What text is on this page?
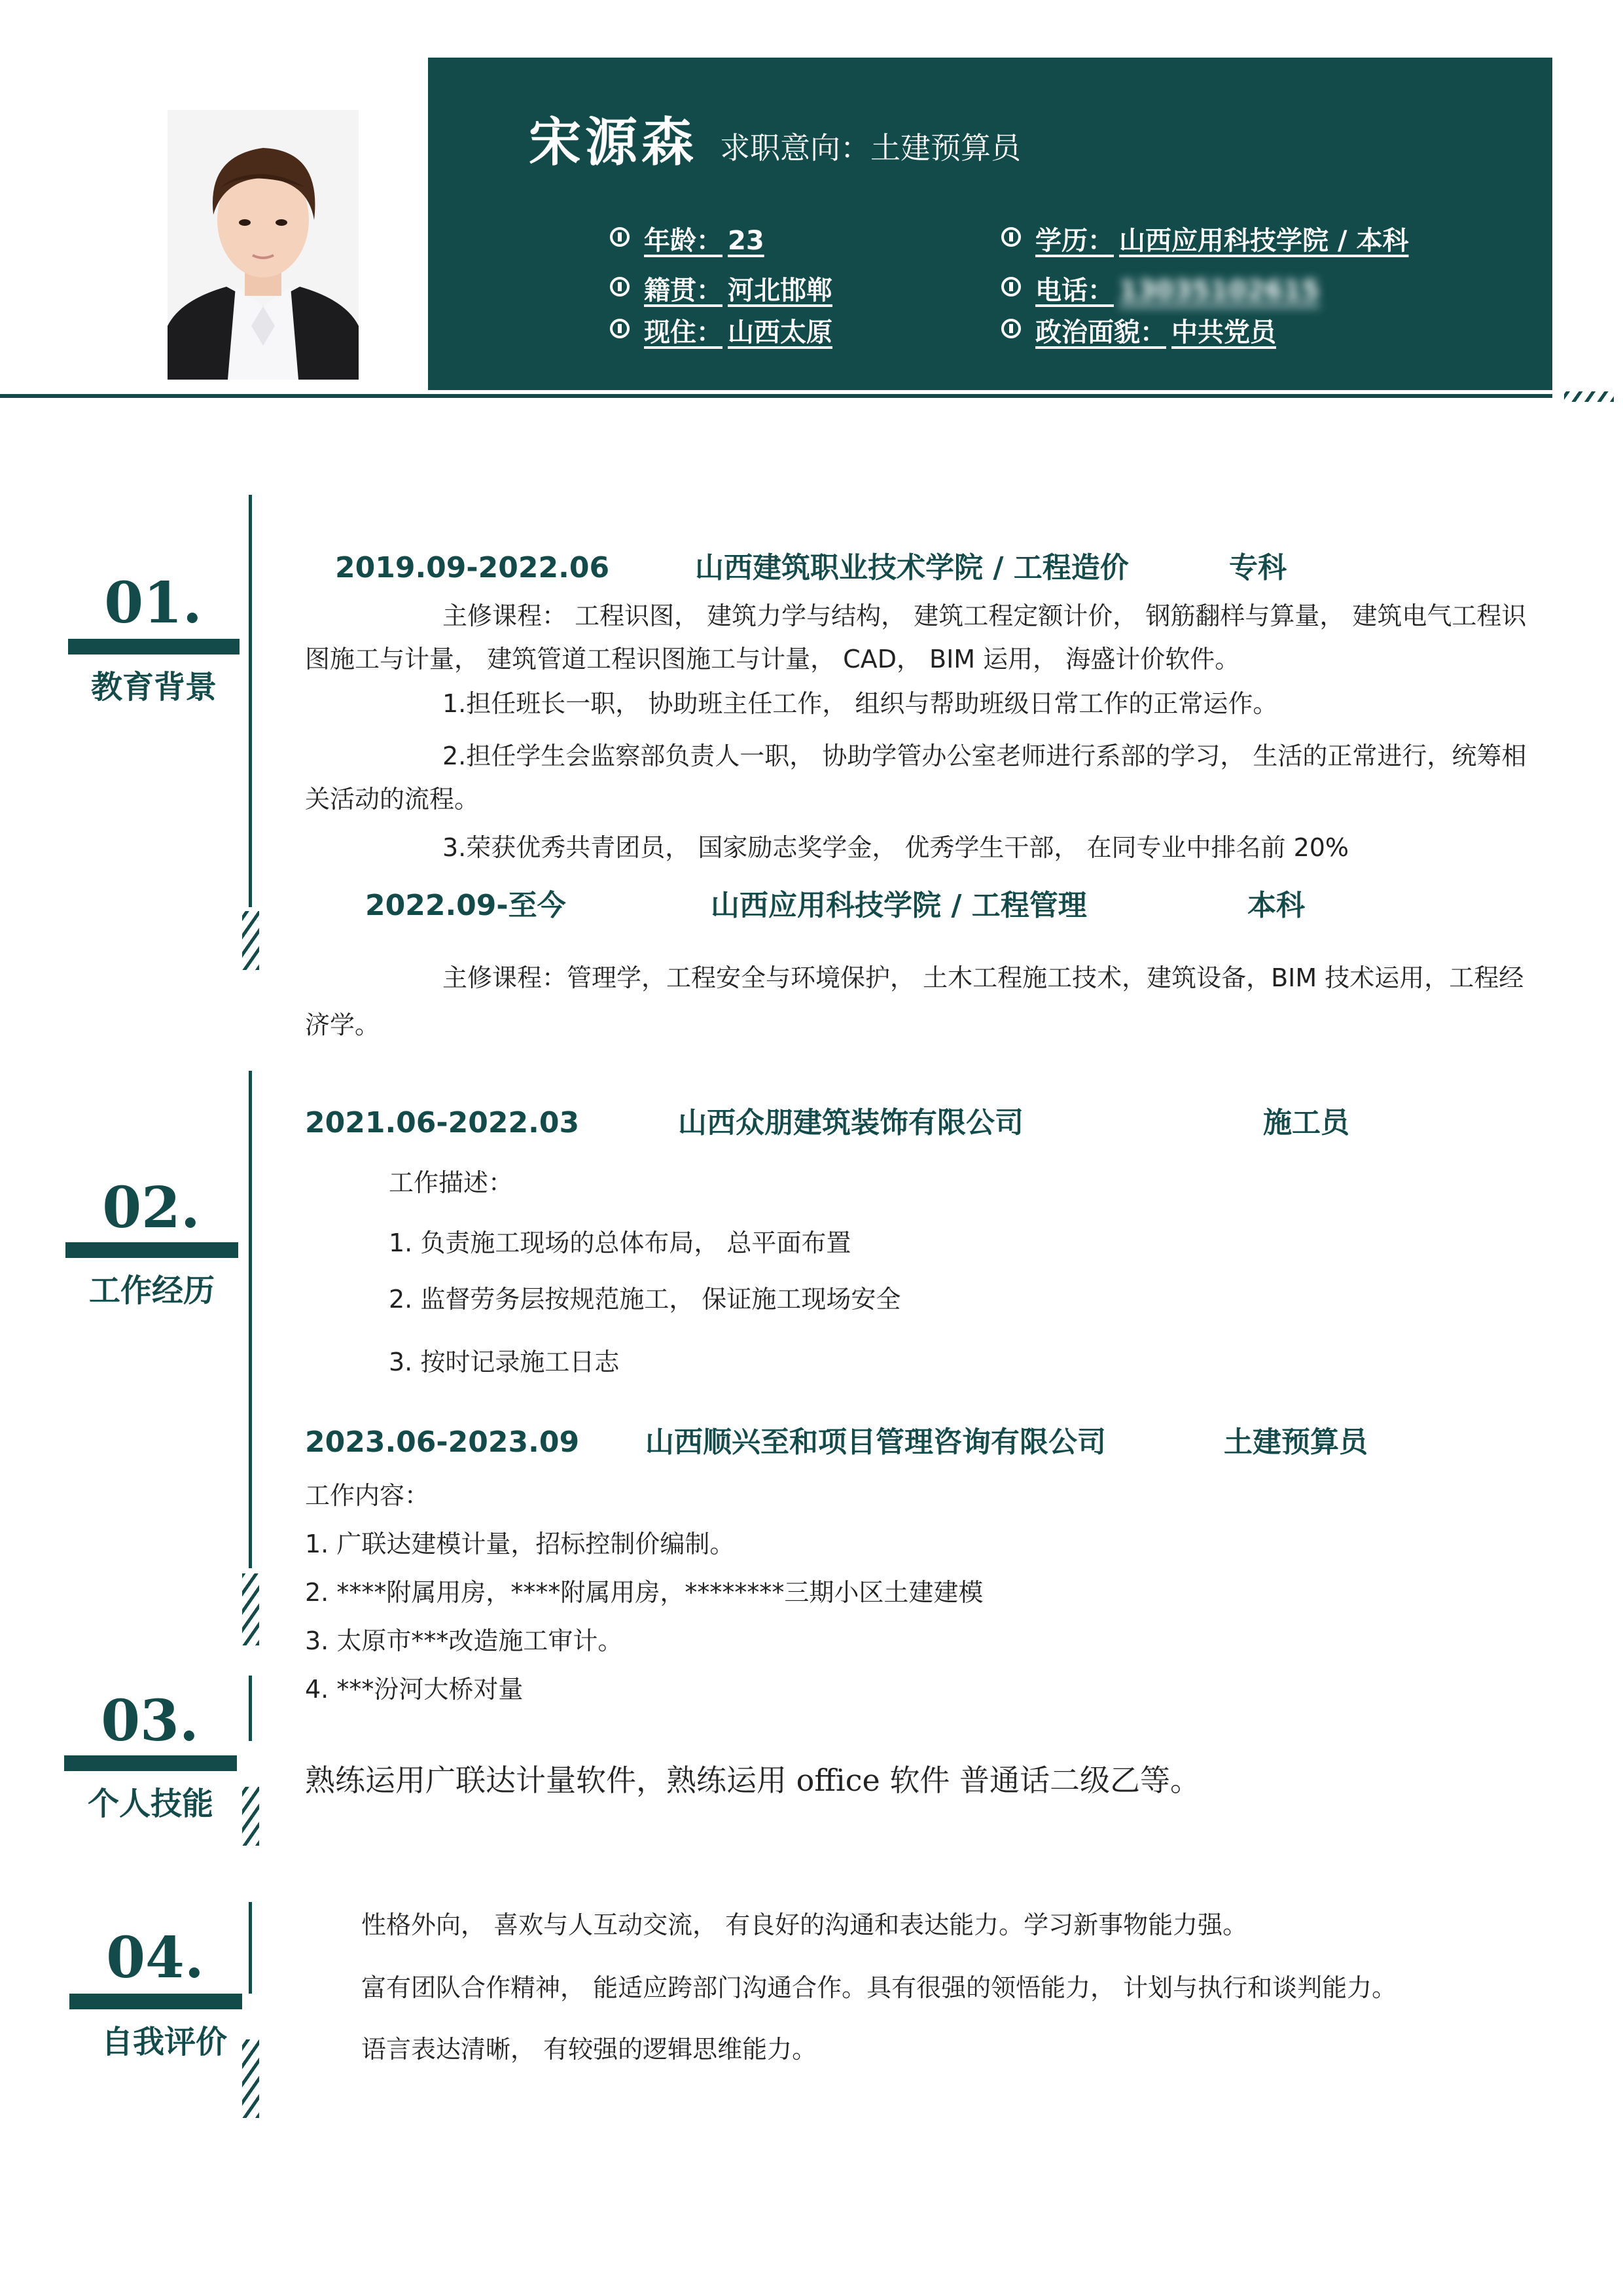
宋源森 求职意向：土建预算员
年龄： 23
籍贯： 河北邯郸
现住： 山西太原
学历： 山西应用科技学院 / 本科
电话： 13035102615
政治面貌： 中共党员
01.
教育背景
2019.09-2022.06	山西建筑职业技术学院 / 工程造价	专科
主修课程： 工程识图， 建筑力学与结构， 建筑工程定额计价， 钢筋翻样与算量， 建筑电气工程识图施工与计量， 建筑管道工程识图施工与计量， CAD， BIM 运用， 海盛计价软件。
1.担任班长一职， 协助班主任工作， 组织与帮助班级日常工作的正常运作。
2.担任学生会监察部负责人一职， 协助学管办公室老师进行系部的学习， 生活的正常进行，统筹相关活动的流程。
3.荣获优秀共青团员， 国家励志奖学金， 优秀学生干部， 在同专业中排名前 20%
2022.09-至今	山西应用科技学院 / 工程管理	本科
主修课程：管理学，工程安全与环境保护， 土木工程施工技术，建筑设备，BIM 技术运用，工程经济学。
02.
工作经历
2021.06-2022.03	山西众朋建筑装饰有限公司	施工员
工作描述：
1. 负责施工现场的总体布局， 总平面布置
2. 监督劳务层按规范施工， 保证施工现场安全
3. 按时记录施工日志
2023.06-2023.09 山西顺兴至和项目管理咨询有限公司	土建预算员
工作内容：
1. 广联达建模计量，招标控制价编制。
2. ****附属用房，****附属用房，********三期小区土建建模
3. 太原市***改造施工审计。
4. ***汾河大桥对量
03.
个人技能
熟练运用广联达计量软件，熟练运用 office 软件 普通话二级乙等。
04.
自我评价
性格外向， 喜欢与人互动交流， 有良好的沟通和表达能力。学习新事物能力强。
富有团队合作精神， 能适应跨部门沟通合作。具有很强的领悟能力， 计划与执行和谈判能力。
语言表达清晰， 有较强的逻辑思维能力。
